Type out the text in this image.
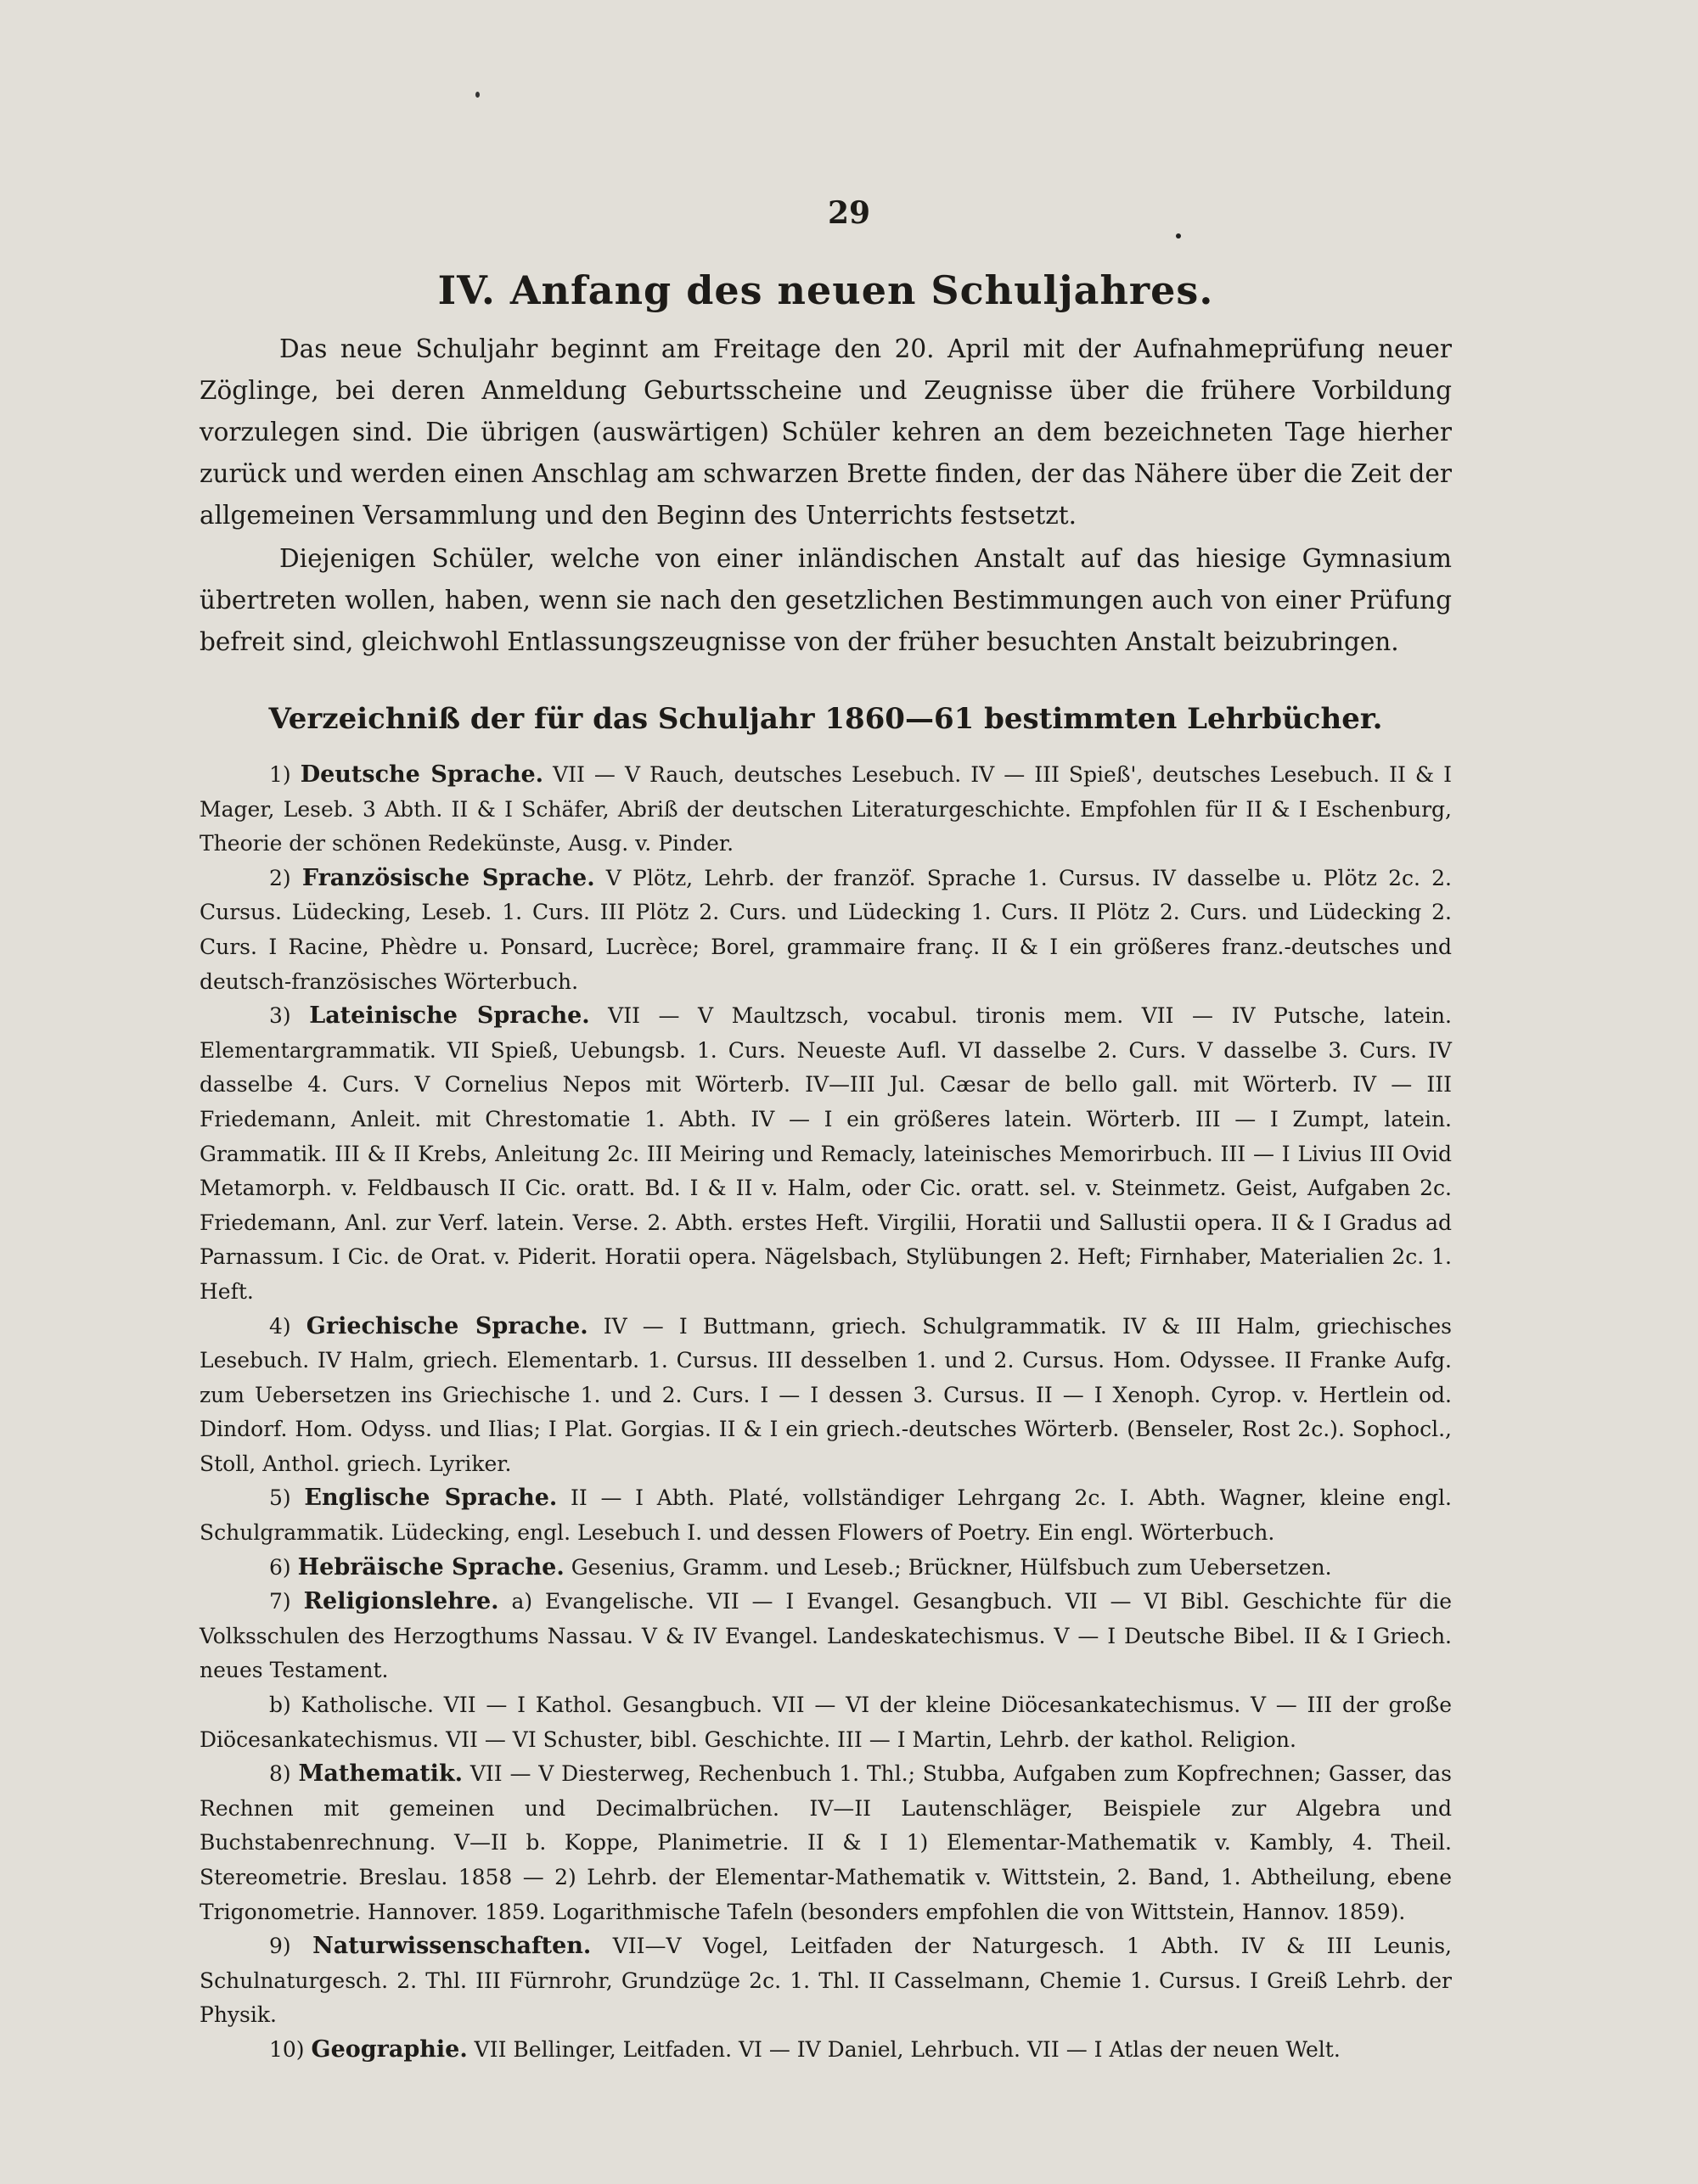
29
IV. Anfang des neuen Schuljahres.

Das neue Schuljahr beginnt am Freitage den 20. April mit der Aufnahmeprüfung neuer Zöglinge, bei deren Anmeldung Geburtsscheine und Zeugnisse über die frühere Vorbildung vorzulegen sind. Die übrigen (auswärtigen) Schüler kehren an dem bezeichneten Tage hierher zurück und werden einen Anschlag am schwarzen Brette finden, der das Nähere über die Zeit der allgemeinen Versammlung und den Beginn des Unterrichts festsetzt.

Diejenigen Schüler, welche von einer inländischen Anstalt auf das hiesige Gymnasium übertreten wollen, haben, wenn sie nach den gesetzlichen Bestimmungen auch von einer Prüfung befreit sind, gleichwohl Entlassungszeugnisse von der früher besuchten Anstalt beizubringen.

Verzeichniß der für das Schuljahr 1860—61 bestimmten Lehrbücher.

1) Deutsche Sprache. VII — V Rauch, deutsches Lesebuch. IV — III Spieß', deutsches Lesebuch. II & I Mager, Leseb. 3 Abth. II & I Schäfer, Abriß der deutschen Literaturgeschichte. Empfohlen für II & I Eschenburg, Theorie der schönen Redekünste, Ausg. v. Pinder.

2) Französische Sprache. V Plötz, Lehrb. der franzöf. Sprache 1. Cursus. IV dasselbe u. Plötz 2c. 2. Cursus. Lüdecking, Leseb. 1. Curs. III Plötz 2. Curs. und Lüdecking 1. Curs. II Plötz 2. Curs. und Lüdecking 2. Curs. I Racine, Phèdre u. Ponsard, Lucrèce; Borel, grammaire franç. II & I ein größeres franz.-deutsches und deutsch-französisches Wörterbuch.

3) Lateinische Sprache. VII — V Maultzsch, vocabul. tironis mem. VII — IV Putsche, latein. Elementargrammatik. VII Spieß, Uebungsb. 1. Curs. Neueste Aufl. VI dasselbe 2. Curs. V dasselbe 3. Curs. IV dasselbe 4. Curs. V Cornelius Nepos mit Wörterb. IV—III Jul. Cæsar de bello gall. mit Wörterb. IV — III Friedemann, Anleit. mit Chrestomatie 1. Abth. IV — I ein größeres latein. Wörterb. III — I Zumpt, latein. Grammatik. III & II Krebs, Anleitung 2c. III Meiring und Remacly, lateinisches Memorirbuch. III — I Livius III Ovid Metamorph. v. Feldbausch II Cic. oratt. Bd. I & II v. Halm, oder Cic. oratt. sel. v. Steinmetz. Geist, Aufgaben 2c. Friedemann, Anl. zur Verf. latein. Verse. 2. Abth. erstes Heft. Virgilii, Horatii und Sallustii opera. II & I Gradus ad Parnassum. I Cic. de Orat. v. Piderit. Horatii opera. Nägelsbach, Stylübungen 2. Heft; Firnhaber, Materialien 2c. 1. Heft.

4) Griechische Sprache. IV — I Buttmann, griech. Schulgrammatik. IV & III Halm, griechisches Lesebuch. IV Halm, griech. Elementarb. 1. Cursus. III desselben 1. und 2. Cursus. Hom. Odyssee. II Franke Aufg. zum Uebersetzen ins Griechische 1. und 2. Curs. I — I dessen 3. Cursus. II — I Xenoph. Cyrop. v. Hertlein od. Dindorf. Hom. Odyss. und Ilias; I Plat. Gorgias. II & I ein griech.-deutsches Wörterb. (Benseler, Rost 2c.). Sophocl., Stoll, Anthol. griech. Lyriker.

5) Englische Sprache. II — I Abth. Platé, vollständiger Lehrgang 2c. I. Abth. Wagner, kleine engl. Schulgrammatik. Lüdecking, engl. Lesebuch I. und dessen Flowers of Poetry. Ein engl. Wörterbuch.

6) Hebräische Sprache. Gesenius, Gramm. und Leseb.; Brückner, Hülfsbuch zum Uebersetzen.

7) Religionslehre. a) Evangelische. VII — I Evangel. Gesangbuch. VII — VI Bibl. Geschichte für die Volksschulen des Herzogthums Nassau. V & IV Evangel. Landeskatechismus. V — I Deutsche Bibel. II & I Griech. neues Testament.

b) Katholische. VII — I Kathol. Gesangbuch. VII — VI der kleine Diöcesankatechismus. V — III der große Diöcesankatechismus. VII — VI Schuster, bibl. Geschichte. III — I Martin, Lehrb. der kathol. Religion.

8) Mathematik. VII — V Diesterweg, Rechenbuch 1. Thl.; Stubba, Aufgaben zum Kopfrechnen; Gasser, das Rechnen mit gemeinen und Decimalbrüchen. IV—II Lautenschläger, Beispiele zur Algebra und Buchstabenrechnung. V—II b. Koppe, Planimetrie. II & I 1) Elementar-Mathematik v. Kambly, 4. Theil. Stereometrie. Breslau. 1858 — 2) Lehrb. der Elementar-Mathematik v. Wittstein, 2. Band, 1. Abtheilung, ebene Trigonometrie. Hannover. 1859. Logarithmische Tafeln (besonders empfohlen die von Wittstein, Hannov. 1859).

9) Naturwissenschaften. VII—V Vogel, Leitfaden der Naturgesch. 1 Abth. IV & III Leunis, Schulnaturgesch. 2. Thl. III Fürnrohr, Grundzüge 2c. 1. Thl. II Casselmann, Chemie 1. Cursus. I Greiß Lehrb. der Physik.

10) Geographie. VII Bellinger, Leitfaden. VI — IV Daniel, Lehrbuch. VII — I Atlas der neuen Welt.
